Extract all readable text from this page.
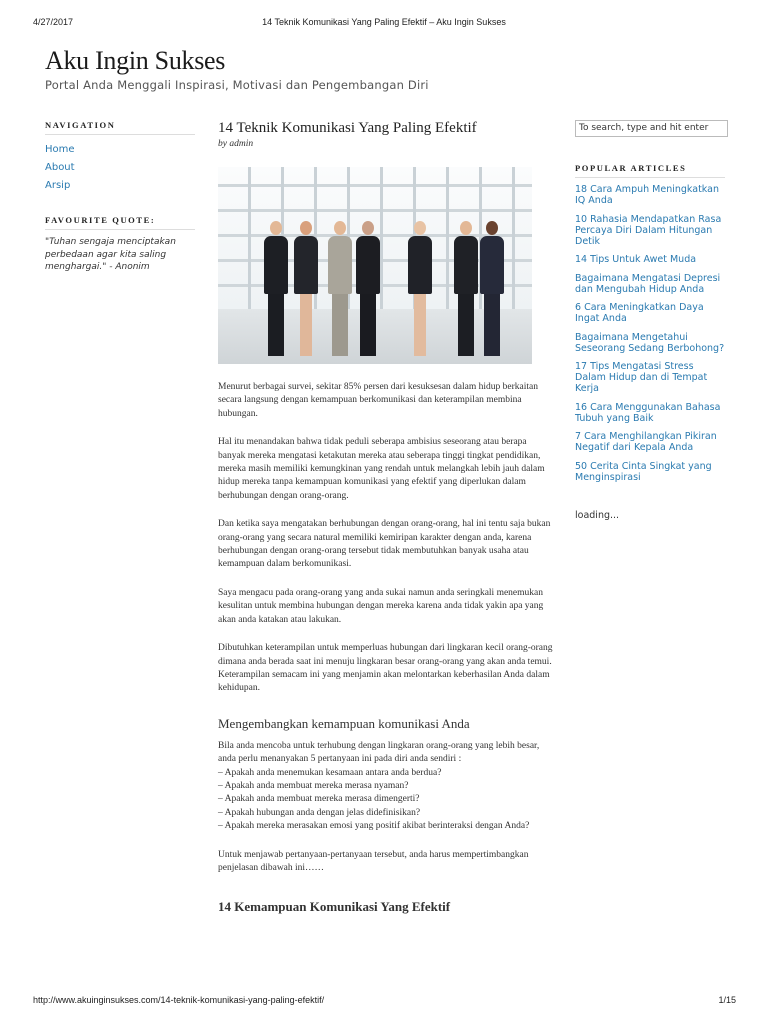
4/27/2017	14 Teknik Komunikasi Yang Paling Efektif – Aku Ingin Sukses
Aku Ingin Sukses
Portal Anda Menggali Inspirasi, Motivasi dan Pengembangan Diri
NAVIGATION
Home
About
Arsip
FAVOURITE QUOTE:
"Tuhan sengaja menciptakan perbedaan agar kita saling menghargai." - Anonim
14 Teknik Komunikasi Yang Paling Efektif
by admin

Menurut berbagai survei, sekitar 85% persen dari kesuksesan dalam hidup berkaitan secara langsung dengan kemampuan berkomunikasi dan keterampilan membina hubungan.

Hal itu menandakan bahwa tidak peduli seberapa ambisius seseorang atau berapa banyak mereka mengatasi ketakutan mereka atau seberapa tinggi tingkat pendidikan, mereka masih memiliki kemungkinan yang rendah untuk melangkah lebih jauh dalam hidup mereka tanpa kemampuan komunikasi yang efektif yang diperlukan dalam berhubungan dengan orang-orang.

Dan ketika saya mengatakan berhubungan dengan orang-orang, hal ini tentu saja bukan orang-orang yang secara natural memiliki kemiripan karakter dengan anda, karena berhubungan dengan orang-orang tersebut tidak membutuhkan banyak usaha atau kemampuan dalam berkomunikasi.

Saya mengacu pada orang-orang yang anda sukai namun anda seringkali menemukan kesulitan untuk membina hubungan dengan mereka karena anda tidak yakin apa yang akan anda katakan atau lakukan.

Dibutuhkan keterampilan untuk memperluas hubungan dari lingkaran kecil orang-orang dimana anda berada saat ini menuju lingkaran besar orang-orang yang akan anda temui. Keterampilan semacam ini yang menjamin akan melontarkan keberhasilan Anda dalam kehidupan.

Mengembangkan kemampuan komunikasi Anda

Bila anda mencoba untuk terhubung dengan lingkaran orang-orang yang lebih besar, anda perlu menanyakan 5 pertanyaan ini pada diri anda sendiri :

– Apakah anda menemukan kesamaan antara anda berdua?
– Apakah anda membuat mereka merasa nyaman?
– Apakah anda membuat mereka merasa dimengerti?
– Apakah hubungan anda dengan jelas didefinisikan?
– Apakah mereka merasakan emosi yang positif akibat berinteraksi dengan Anda?

Untuk menjawab pertanyaan-pertanyaan tersebut, anda harus mempertimbangkan penjelasan dibawah ini……

14 Kemampuan Komunikasi Yang Efektif
To search, type and hit enter
POPULAR ARTICLES
18 Cara Ampuh Meningkatkan IQ Anda
10 Rahasia Mendapatkan Rasa Percaya Diri Dalam Hitungan Detik
14 Tips Untuk Awet Muda
Bagaimana Mengatasi Depresi dan Mengubah Hidup Anda
6 Cara Meningkatkan Daya Ingat Anda
Bagaimana Mengetahui Seseorang Sedang Berbohong?
17 Tips Mengatasi Stress Dalam Hidup dan di Tempat Kerja
16 Cara Menggunakan Bahasa Tubuh yang Baik
7 Cara Menghilangkan Pikiran Negatif dari Kepala Anda
50 Cerita Cinta Singkat yang Menginspirasi
loading...
http://www.akuinginsukses.com/14-teknik-komunikasi-yang-paling-efektif/	1/15
